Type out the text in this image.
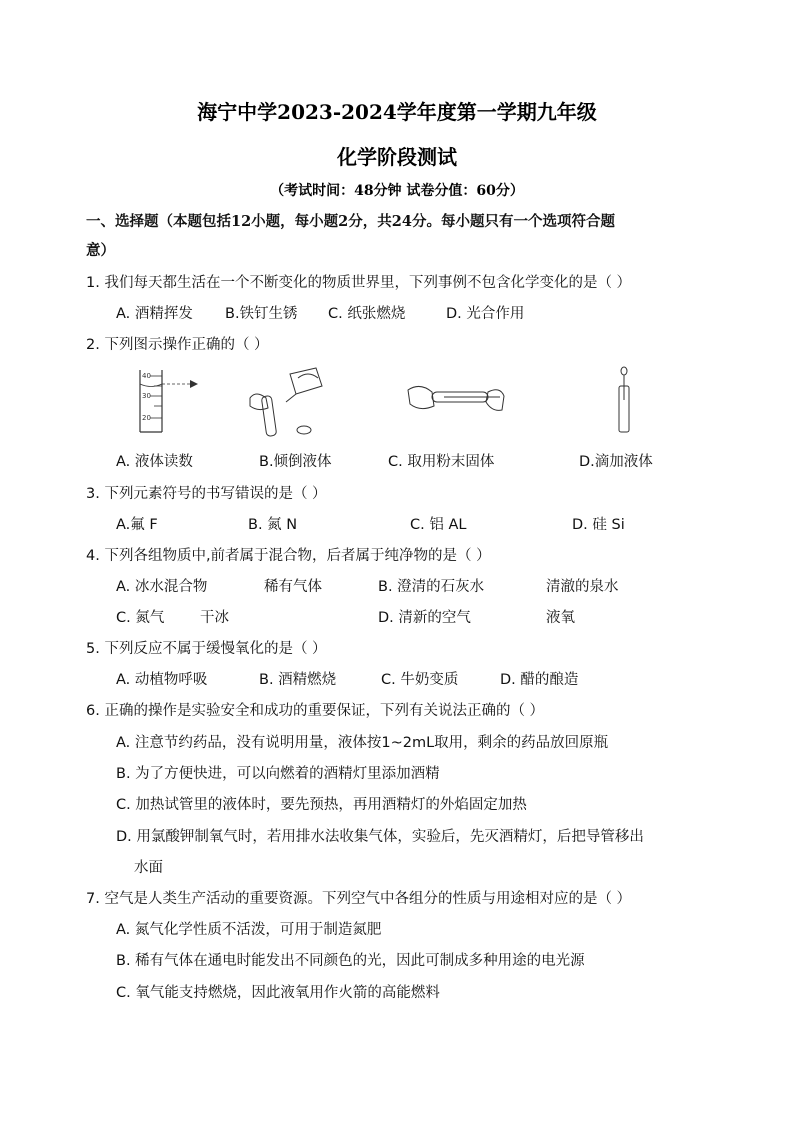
海宁中学2023-2024学年度第一学期九年级
化学阶段测试
（考试时间：48分钟 试卷分值：60分）
一、选择题（本题包括12小题，每小题2分，共24分。每小题只有一个选项符合题
意）
1. 我们每天都生活在一个不断变化的物质世界里，下列事例不包含化学变化的是（ ）
A. 酒精挥发 B.铁钉生锈 C. 纸张燃烧	D. 光合作用
2. 下列图示操作正确的（ ）
40
30
20
A. 液体读数	B.倾倒液体	C. 取用粉末固体	D.滴加液体
3. 下列元素符号的书写错误的是（ ）
A.氟 F	B. 氮 N	C. 铝 AL	D. 硅 Si
4. 下列各组物质中,前者属于混合物，后者属于纯净物的是（ ）
A. 冰水混合物	稀有气体	B. 澄清的石灰水	清澈的泉水
C. 氮气 干冰	D. 清新的空气	液氧
5. 下列反应不属于缓慢氧化的是（ ）
A. 动植物呼吸	B. 酒精燃烧	C. 牛奶变质	D. 醋的酿造
6. 正确的操作是实验安全和成功的重要保证，下列有关说法正确的（ ）
A. 注意节约药品，没有说明用量，液体按1~2mL取用，剩余的药品放回原瓶
B. 为了方便快进，可以向燃着的酒精灯里添加酒精
C. 加热试管里的液体时，要先预热，再用酒精灯的外焰固定加热
D. 用氯酸钾制氧气时，若用排水法收集气体，实验后，先灭酒精灯，后把导管移出
水面
7. 空气是人类生产活动的重要资源。下列空气中各组分的性质与用途相对应的是（ ）
A. 氮气化学性质不活泼，可用于制造氮肥
B. 稀有气体在通电时能发出不同颜色的光，因此可制成多种用途的电光源
C. 氧气能支持燃烧，因此液氧用作火箭的高能燃料
